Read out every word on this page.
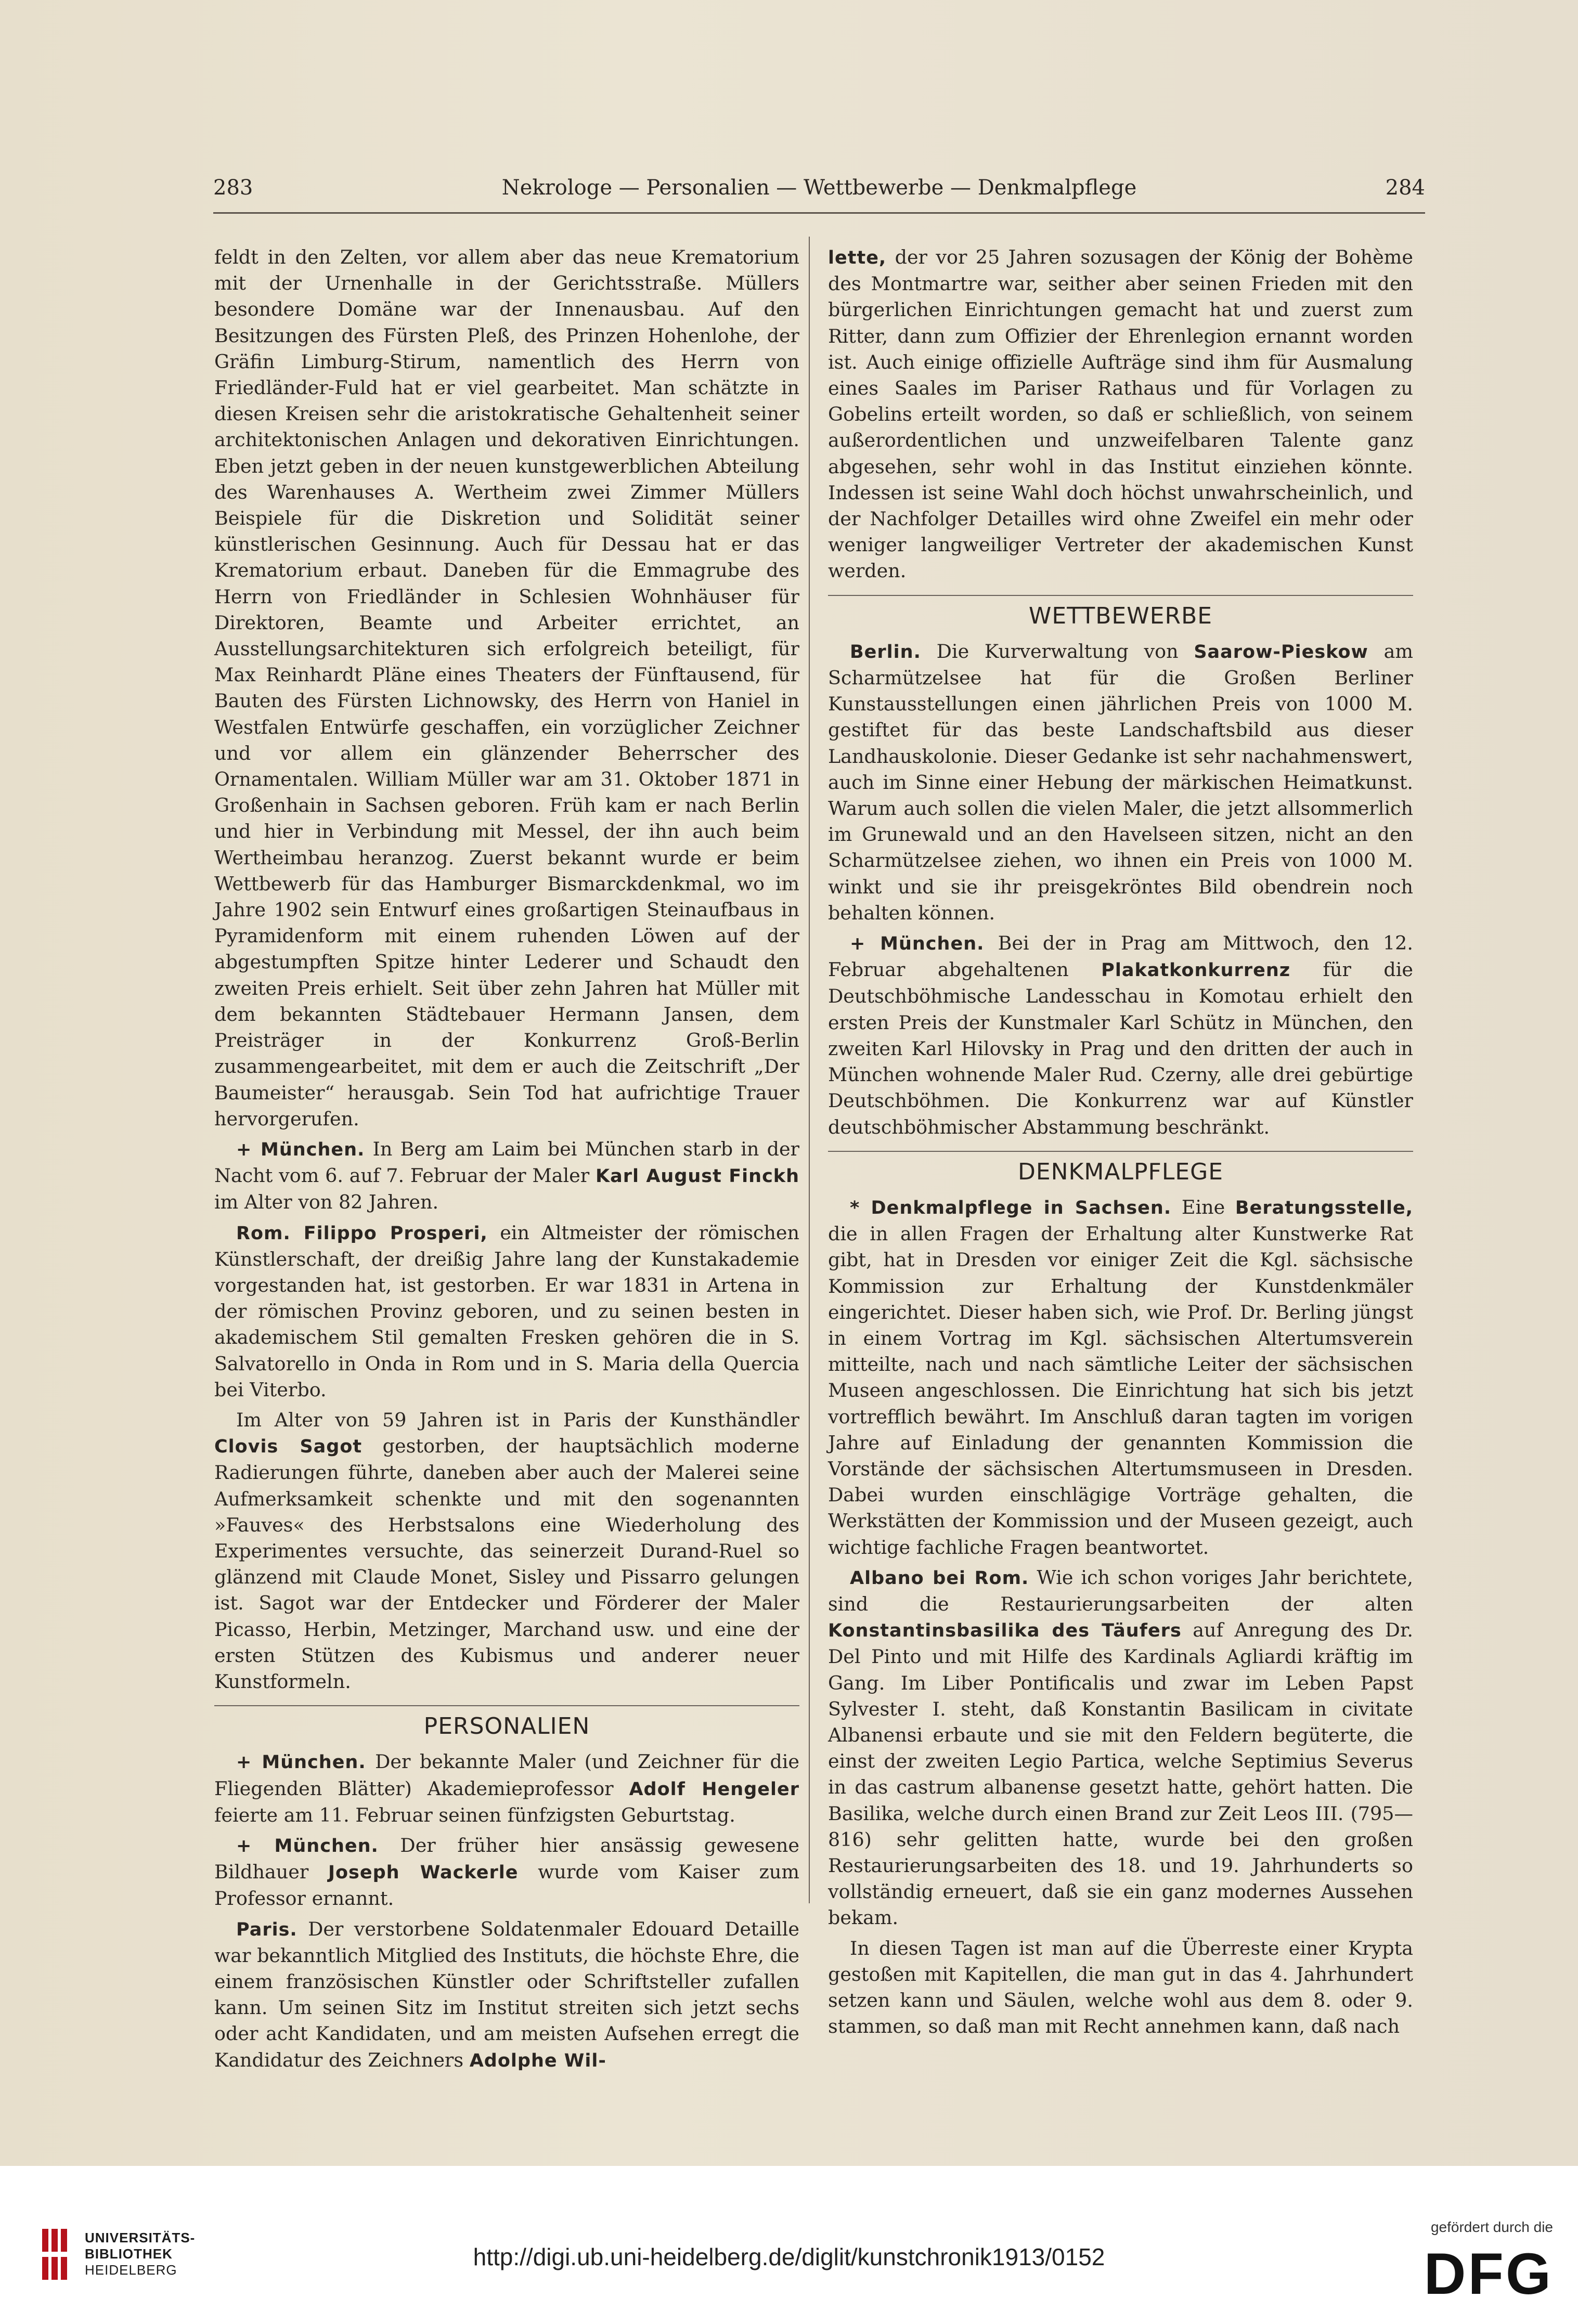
283	Nekrologe — Personalien — Wettbewerbe — Denkmalpflege	284

feldt in den Zelten, vor allem aber das neue Krematorium mit der Urnenhalle in der Gerichtsstraße. Müllers besondere Domäne war der Innenausbau. Auf den Besitzungen des Fürsten Pleß, des Prinzen Hohenlohe, der Gräfin Limburg-Stirum, namentlich des Herrn von Friedländer-Fuld hat er viel gearbeitet. Man schätzte in diesen Kreisen sehr die aristokratische Gehaltenheit seiner architektonischen Anlagen und dekorativen Einrichtungen. Eben jetzt geben in der neuen kunstgewerblichen Abteilung des Warenhauses A. Wertheim zwei Zimmer Müllers Beispiele für die Diskretion und Solidität seiner künstlerischen Gesinnung. Auch für Dessau hat er das Krematorium erbaut. Daneben für die Emmagrube des Herrn von Friedländer in Schlesien Wohnhäuser für Direktoren, Beamte und Arbeiter errichtet, an Ausstellungsarchitekturen sich erfolgreich beteiligt, für Max Reinhardt Pläne eines Theaters der Fünftausend, für Bauten des Fürsten Lichnowsky, des Herrn von Haniel in Westfalen Entwürfe geschaffen, ein vorzüglicher Zeichner und vor allem ein glänzender Beherrscher des Ornamentalen. William Müller war am 31. Oktober 1871 in Großenhain in Sachsen geboren. Früh kam er nach Berlin und hier in Verbindung mit Messel, der ihn auch beim Wertheimbau heranzog. Zuerst bekannt wurde er beim Wettbewerb für das Hamburger Bismarckdenkmal, wo im Jahre 1902 sein Entwurf eines großartigen Steinaufbaus in Pyramidenform mit einem ruhenden Löwen auf der abgestumpften Spitze hinter Lederer und Schaudt den zweiten Preis erhielt. Seit über zehn Jahren hat Müller mit dem bekannten Städtebauer Hermann Jansen, dem Preisträger in der Konkurrenz Groß-Berlin zusammengearbeitet, mit dem er auch die Zeitschrift „Der Baumeister“ herausgab. Sein Tod hat aufrichtige Trauer hervorgerufen.

+ München. In Berg am Laim bei München starb in der Nacht vom 6. auf 7. Februar der Maler Karl August Finckh im Alter von 82 Jahren.

Rom. Filippo Prosperi, ein Altmeister der römischen Künstlerschaft, der dreißig Jahre lang der Kunstakademie vorgestanden hat, ist gestorben. Er war 1831 in Artena in der römischen Provinz geboren, und zu seinen besten in akademischem Stil gemalten Fresken gehören die in S. Salvatorello in Onda in Rom und in S. Maria della Quercia bei Viterbo.

Im Alter von 59 Jahren ist in Paris der Kunsthändler Clovis Sagot gestorben, der hauptsächlich moderne Radierungen führte, daneben aber auch der Malerei seine Aufmerksamkeit schenkte und mit den sogenannten »Fauves« des Herbstsalons eine Wiederholung des Experimentes versuchte, das seinerzeit Durand-Ruel so glänzend mit Claude Monet, Sisley und Pissarro gelungen ist. Sagot war der Entdecker und Förderer der Maler Picasso, Herbin, Metzinger, Marchand usw. und eine der ersten Stützen des Kubismus und anderer neuer Kunstformeln.

PERSONALIEN

+ München. Der bekannte Maler (und Zeichner für die Fliegenden Blätter) Akademieprofessor Adolf Hengeler feierte am 11. Februar seinen fünfzigsten Geburtstag.

+ München. Der früher hier ansässig gewesene Bildhauer Joseph Wackerle wurde vom Kaiser zum Professor ernannt.

Paris. Der verstorbene Soldatenmaler Edouard Detaille war bekanntlich Mitglied des Instituts, die höchste Ehre, die einem französischen Künstler oder Schriftsteller zufallen kann. Um seinen Sitz im Institut streiten sich jetzt sechs oder acht Kandidaten, und am meisten Aufsehen erregt die Kandidatur des Zeichners Adolphe Wil-

lette, der vor 25 Jahren sozusagen der König der Bohème des Montmartre war, seither aber seinen Frieden mit den bürgerlichen Einrichtungen gemacht hat und zuerst zum Ritter, dann zum Offizier der Ehrenlegion ernannt worden ist. Auch einige offizielle Aufträge sind ihm für Ausmalung eines Saales im Pariser Rathaus und für Vorlagen zu Gobelins erteilt worden, so daß er schließlich, von seinem außerordentlichen und unzweifelbaren Talente ganz abgesehen, sehr wohl in das Institut einziehen könnte. Indessen ist seine Wahl doch höchst unwahrscheinlich, und der Nachfolger Detailles wird ohne Zweifel ein mehr oder weniger langweiliger Vertreter der akademischen Kunst werden.

WETTBEWERBE

Berlin. Die Kurverwaltung von Saarow-Pieskow am Scharmützelsee hat für die Großen Berliner Kunstausstellungen einen jährlichen Preis von 1000 M. gestiftet für das beste Landschaftsbild aus dieser Landhauskolonie. Dieser Gedanke ist sehr nachahmenswert, auch im Sinne einer Hebung der märkischen Heimatkunst. Warum auch sollen die vielen Maler, die jetzt allsommerlich im Grunewald und an den Havelseen sitzen, nicht an den Scharmützelsee ziehen, wo ihnen ein Preis von 1000 M. winkt und sie ihr preisgekröntes Bild obendrein noch behalten können.

+ München. Bei der in Prag am Mittwoch, den 12. Februar abgehaltenen Plakatkonkurrenz für die Deutschböhmische Landesschau in Komotau erhielt den ersten Preis der Kunstmaler Karl Schütz in München, den zweiten Karl Hilovsky in Prag und den dritten der auch in München wohnende Maler Rud. Czerny, alle drei gebürtige Deutschböhmen. Die Konkurrenz war auf Künstler deutschböhmischer Abstammung beschränkt.

DENKMALPFLEGE

* Denkmalpflege in Sachsen. Eine Beratungsstelle, die in allen Fragen der Erhaltung alter Kunstwerke Rat gibt, hat in Dresden vor einiger Zeit die Kgl. sächsische Kommission zur Erhaltung der Kunstdenkmäler eingerichtet. Dieser haben sich, wie Prof. Dr. Berling jüngst in einem Vortrag im Kgl. sächsischen Altertumsverein mitteilte, nach und nach sämtliche Leiter der sächsischen Museen angeschlossen. Die Einrichtung hat sich bis jetzt vortrefflich bewährt. Im Anschluß daran tagten im vorigen Jahre auf Einladung der genannten Kommission die Vorstände der sächsischen Altertumsmuseen in Dresden. Dabei wurden einschlägige Vorträge gehalten, die Werkstätten der Kommission und der Museen gezeigt, auch wichtige fachliche Fragen beantwortet.

Albano bei Rom. Wie ich schon voriges Jahr berichtete, sind die Restaurierungsarbeiten der alten Konstantinsbasilika des Täufers auf Anregung des Dr. Del Pinto und mit Hilfe des Kardinals Agliardi kräftig im Gang. Im Liber Pontificalis und zwar im Leben Papst Sylvester I. steht, daß Konstantin Basilicam in civitate Albanensi erbaute und sie mit den Feldern begüterte, die einst der zweiten Legio Partica, welche Septimius Severus in das castrum albanense gesetzt hatte, gehört hatten. Die Basilika, welche durch einen Brand zur Zeit Leos III. (795—816) sehr gelitten hatte, wurde bei den großen Restaurierungsarbeiten des 18. und 19. Jahrhunderts so vollständig erneuert, daß sie ein ganz modernes Aussehen bekam.

In diesen Tagen ist man auf die Überreste einer Krypta gestoßen mit Kapitellen, die man gut in das 4. Jahrhundert setzen kann und Säulen, welche wohl aus dem 8. oder 9. stammen, so daß man mit Recht annehmen kann, daß nach

UNIVERSITÄTS-
BIBLIOTHEK
HEIDELBERG	http://digi.ub.uni-heidelberg.de/diglit/kunstchronik1913/0152
gefördert durch die
DFG
